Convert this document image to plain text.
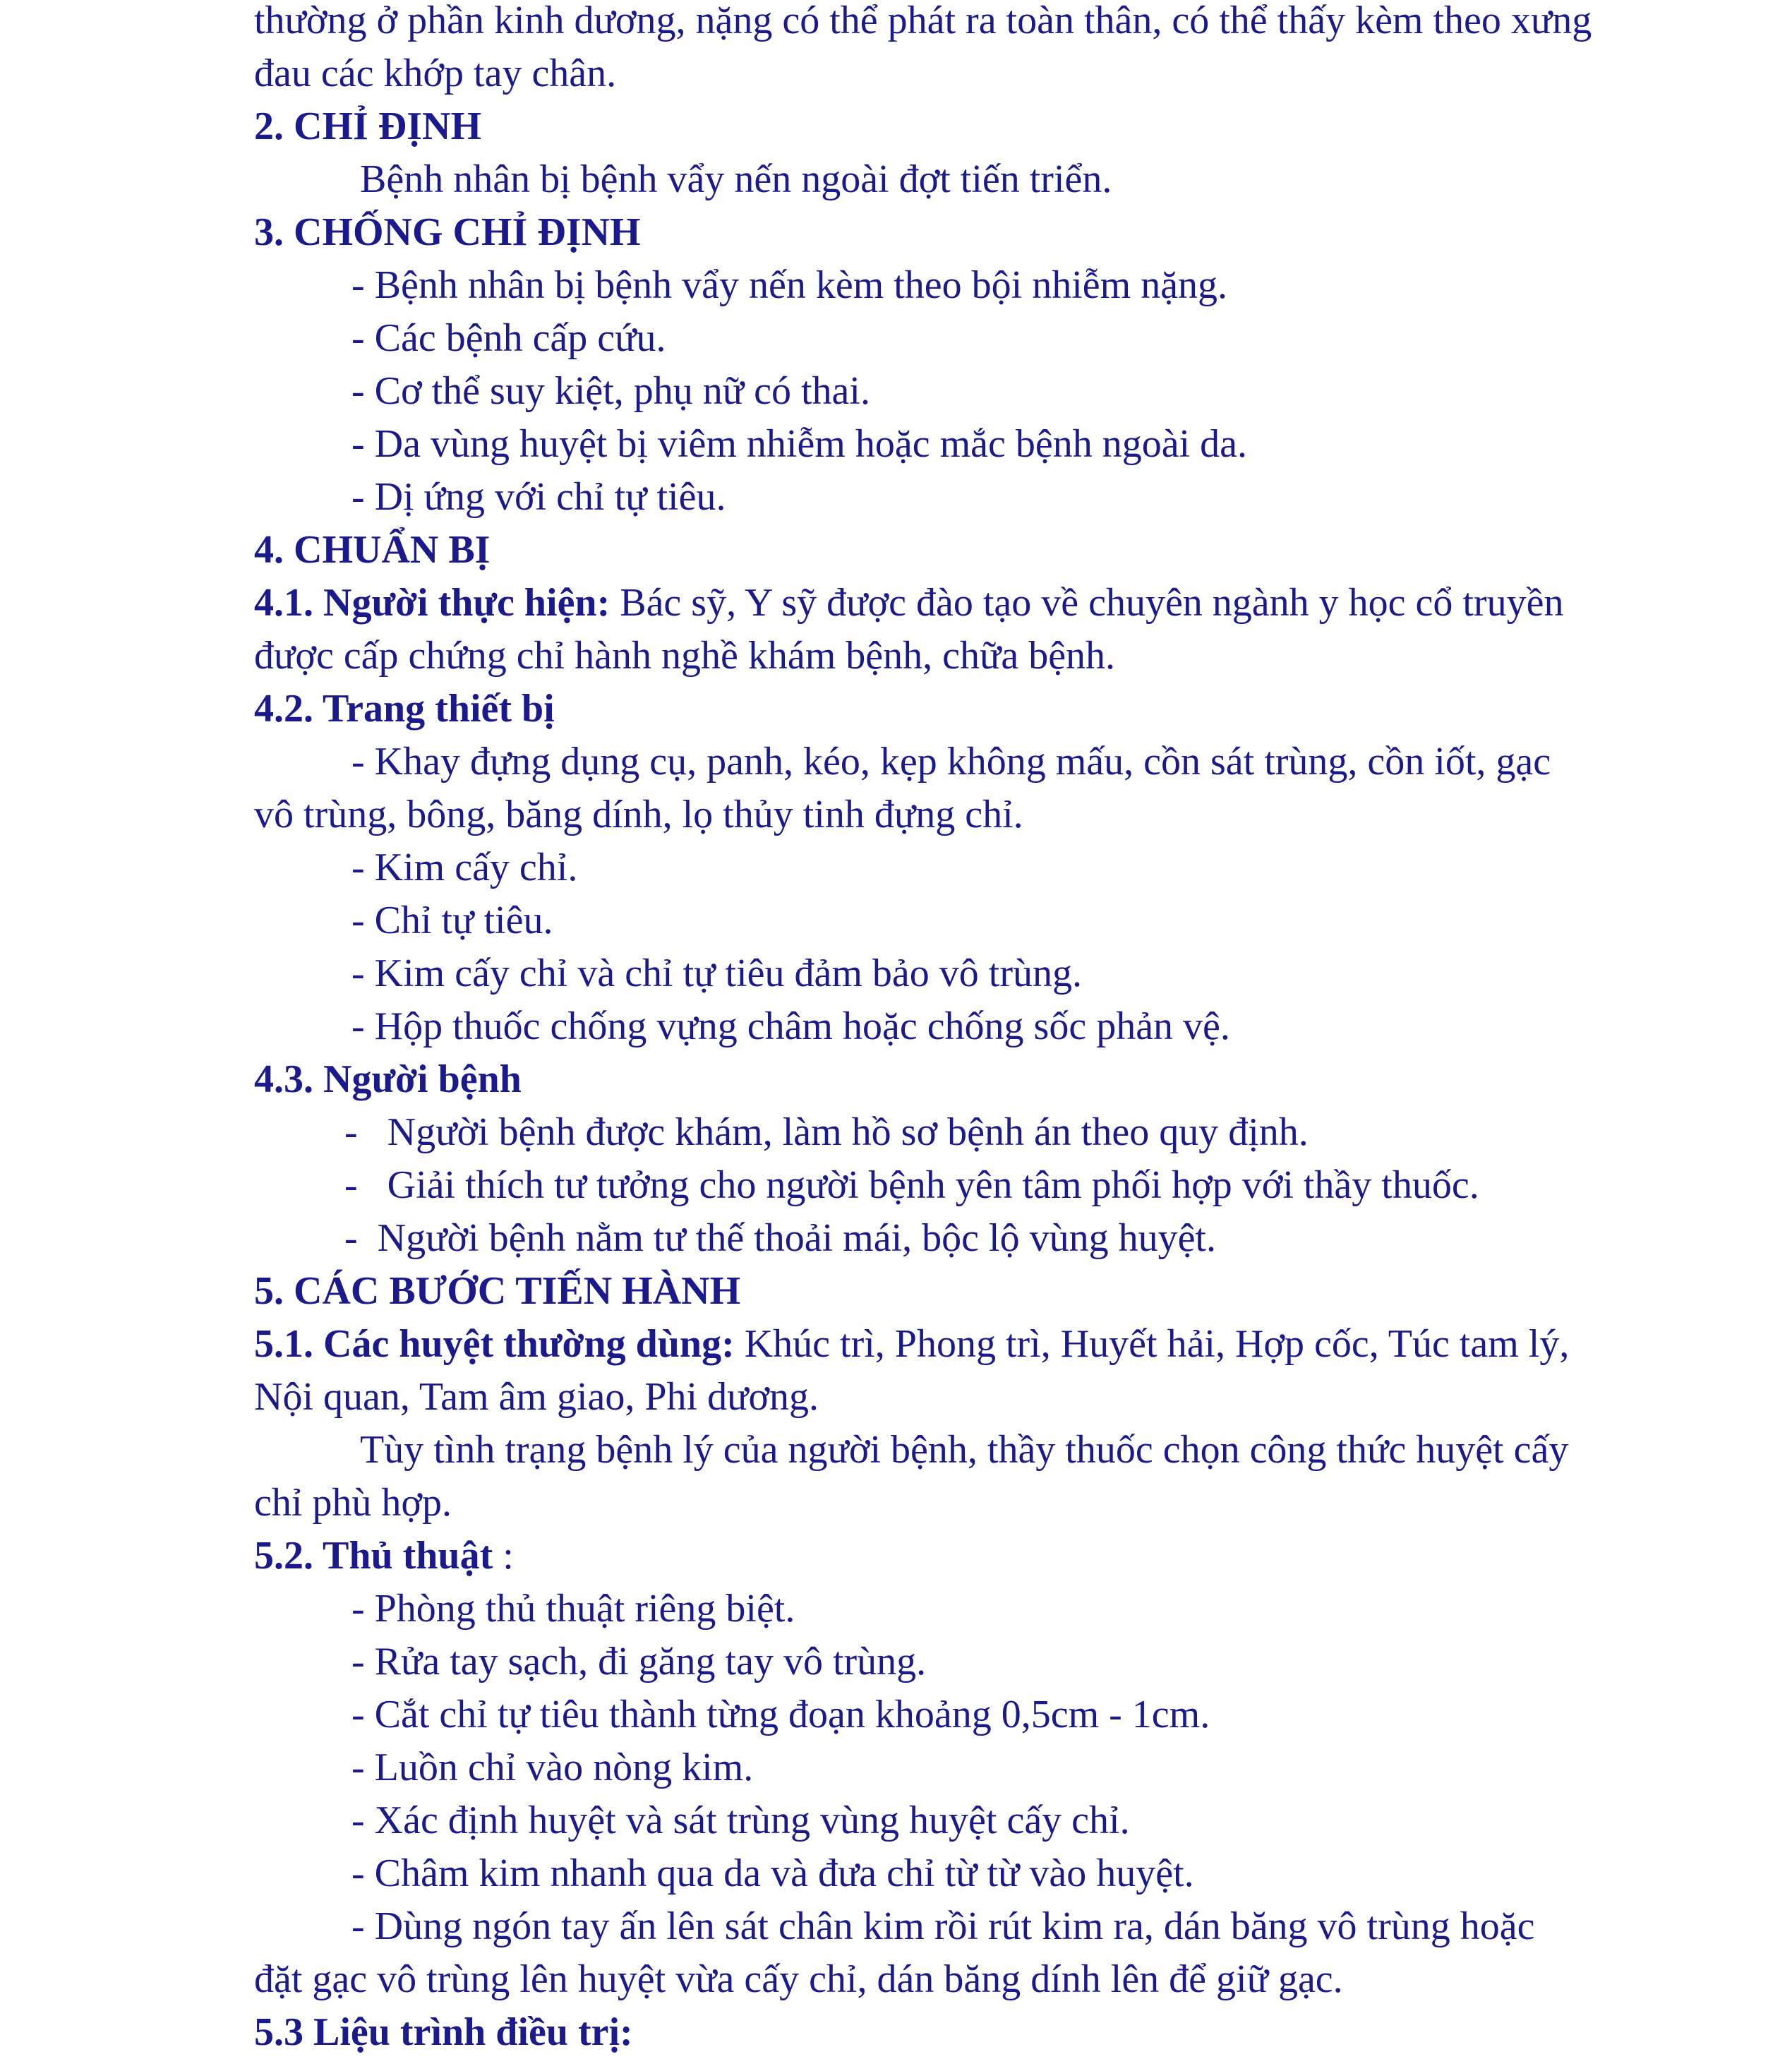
thường ở phần kinh dương, nặng có thể phát ra toàn thân, có thể thấy kèm theo xưng

đau các khớp tay chân.

2. CHỈ ĐỊNH

Bệnh nhân bị bệnh vẩy nến ngoài đợt tiến triển.

3. CHỐNG CHỈ ĐỊNH

- Bệnh nhân bị bệnh vẩy nến kèm theo bội nhiễm nặng.

- Các bệnh cấp cứu.

- Cơ thể suy kiệt, phụ nữ có thai.

- Da vùng huyệt bị viêm nhiễm hoặc mắc bệnh ngoài da.

- Dị ứng với chỉ tự tiêu.

4. CHUẨN BỊ

4.1. Người thực hiện: Bác sỹ, Y sỹ được đào tạo về chuyên ngành y học cổ truyền

được cấp chứng chỉ hành nghề khám bệnh, chữa bệnh.

4.2. Trang thiết bị

- Khay đựng dụng cụ, panh, kéo, kẹp không mấu, cồn sát trùng, cồn iốt, gạc

vô trùng, bông, băng dính, lọ thủy tinh đựng chỉ.

- Kim cấy chỉ.

- Chỉ tự tiêu.

- Kim cấy chỉ và chỉ tự tiêu đảm bảo vô trùng.

- Hộp thuốc chống vựng châm hoặc chống sốc phản vệ.

4.3. Người bệnh

-   Người bệnh được khám, làm hồ sơ bệnh án theo quy định.

-   Giải thích tư tưởng cho người bệnh yên tâm phối hợp với thầy thuốc.

-  Người bệnh nằm tư thế thoải mái, bộc lộ vùng huyệt.

5. CÁC BƯỚC TIẾN HÀNH

5.1. Các huyệt thường dùng: Khúc trì, Phong trì, Huyết hải, Hợp cốc, Túc tam lý,

Nội quan, Tam âm giao, Phi dương.

Tùy tình trạng bệnh lý của người bệnh, thầy thuốc chọn công thức huyệt cấy

chỉ phù hợp.

5.2. Thủ thuật :

- Phòng thủ thuật riêng biệt.

- Rửa tay sạch, đi găng tay vô trùng.

- Cắt chỉ tự tiêu thành từng đoạn khoảng 0,5cm - 1cm.

- Luồn chỉ vào nòng kim.

- Xác định huyệt và sát trùng vùng huyệt cấy chỉ.

- Châm kim nhanh qua da và đưa chỉ từ từ vào huyệt.

- Dùng ngón tay ấn lên sát chân kim rồi rút kim ra, dán băng vô trùng hoặc

đặt gạc vô trùng lên huyệt vừa cấy chỉ, dán băng dính lên để giữ gạc.

5.3 Liệu trình điều trị:
